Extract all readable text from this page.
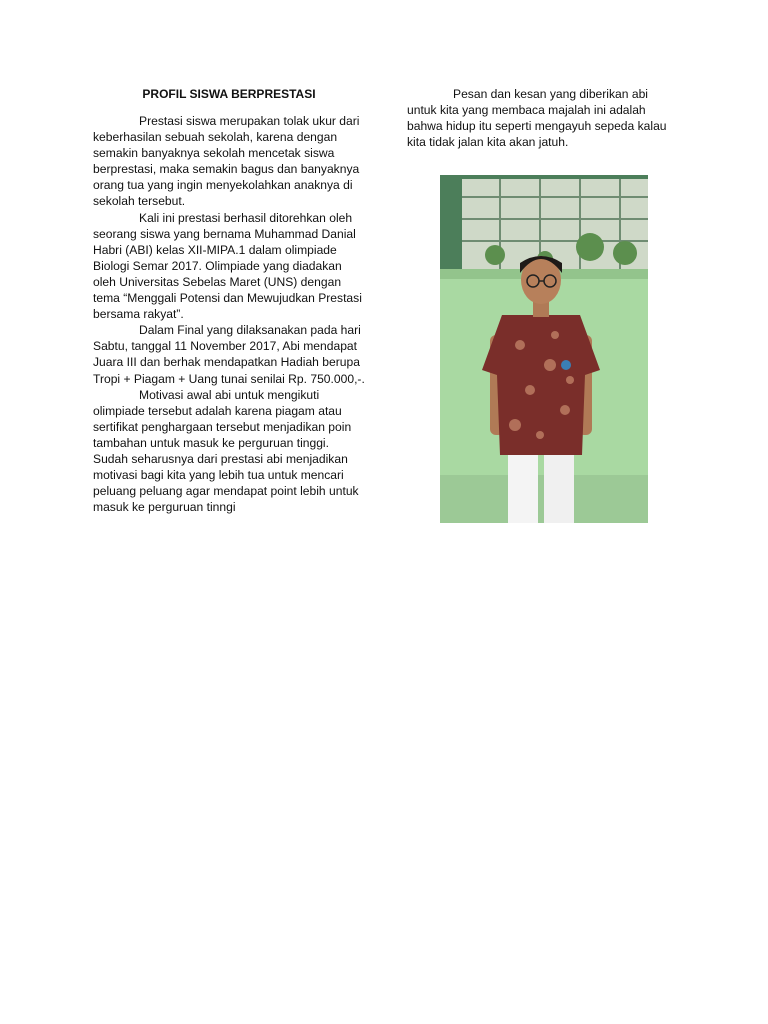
PROFIL SISWA BERPRESTASI

Prestasi siswa merupakan tolak ukur dari keberhasilan sebuah sekolah, karena dengan semakin banyaknya sekolah mencetak siswa berprestasi, maka semakin bagus dan banyaknya orang tua yang ingin menyekolahkan anaknya di sekolah tersebut.

Kali ini prestasi berhasil ditorehkan oleh seorang siswa yang bernama Muhammad Danial Habri (ABI) kelas XII-MIPA.1 dalam olimpiade Biologi Semar 2017. Olimpiade yang diadakan oleh Universitas Sebelas Maret (UNS) dengan tema “Menggali Potensi dan Mewujudkan Prestasi bersama rakyat”.

Dalam Final yang dilaksanakan pada hari Sabtu, tanggal 11 November 2017, Abi mendapat Juara III dan berhak mendapatkan Hadiah berupa Tropi + Piagam + Uang tunai senilai Rp. 750.000,-.

Motivasi awal abi untuk mengikuti olimpiade tersebut adalah karena piagam atau sertifikat penghargaan tersebut menjadikan poin tambahan untuk masuk ke perguruan tinggi. Sudah seharusnya dari prestasi abi menjadikan motivasi bagi kita yang lebih tua untuk mencari peluang peluang agar mendapat point lebih untuk masuk ke perguruan tinngi

Pesan dan kesan yang diberikan abi untuk kita yang membaca majalah ini adalah bahwa hidup itu seperti mengayuh sepeda kalau kita tidak jalan kita akan jatuh.
